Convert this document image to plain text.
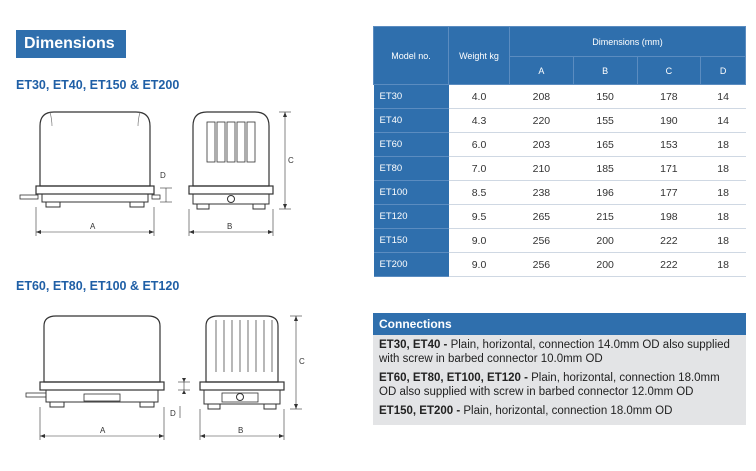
Dimensions
ET30, ET40, ET150 & ET200
ET60, ET80, ET100 & ET120
A
D
B
C
A
D
B
C
Model no.	Weight kg	Dimensions (mm)			
		A	B	C	D
ET30	4.0	208	150	178	14
ET40	4.3	220	155	190	14
ET60	6.0	203	165	153	18
ET80	7.0	210	185	171	18
ET100	8.5	238	196	177	18
ET120	9.5	265	215	198	18
ET150	9.0	256	200	222	18
ET200	9.0	256	200	222	18
Connections

ET30, ET40 - Plain, horizontal, connection 14.0mm OD also supplied with screw in barbed connector 10.0mm OD

ET60, ET80, ET100, ET120 - Plain, horizontal, connection 18.0mm OD also supplied with screw in barbed connector 12.0mm OD

ET150, ET200 - Plain, horizontal, connection 18.0mm OD
